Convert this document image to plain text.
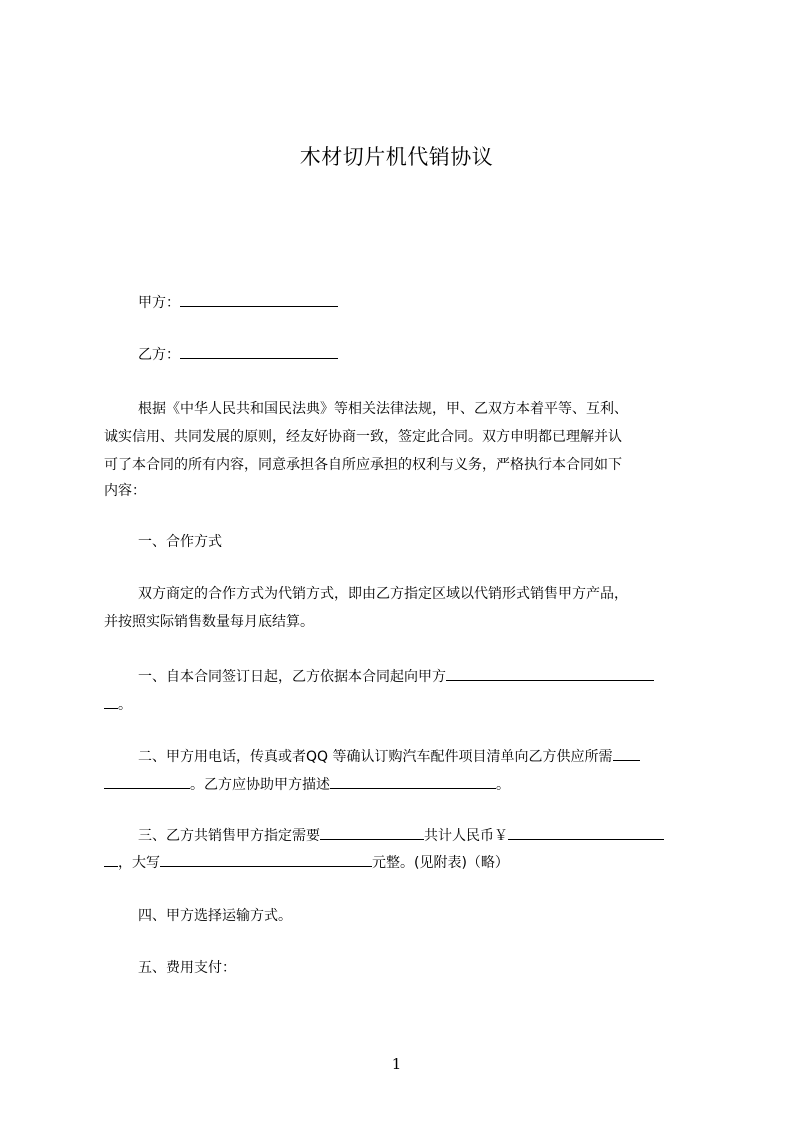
木材切片机代销协议
甲方：
乙方：
根据《中华人民共和国民法典》等相关法律法规，甲、乙双方本着平等、互利、
诚实信用、共同发展的原则，经友好协商一致，签定此合同。双方申明都已理解并认
可了本合同的所有内容，同意承担各自所应承担的权利与义务，严格执行本合同如下
内容：
一、合作方式
双方商定的合作方式为代销方式，即由乙方指定区域以代销形式销售甲方产品，
并按照实际销售数量每月底结算。
一、自本合同签订日起，乙方依据本合同起向甲方
。
二、甲方用电话，传真或者QQ 等确认订购汽车配件项目清单向乙方供应所需
。乙方应协助甲方描述	。
三、乙方共销售甲方指定需要	共计人民币￥
，大写	元整。(见附表)（略）
四、甲方选择运输方式。
五、费用支付：
1
